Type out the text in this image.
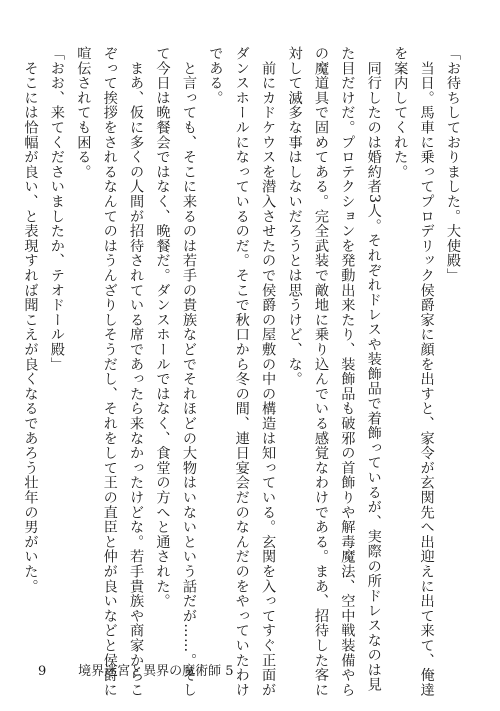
「お待ちしておりました。大使殿」
　当日。馬車に乗ってプロデリック侯爵家に顔を出すと、家令が玄関先へ出迎えに出て来て、俺達
を案内してくれた。
　同行したのは婚約者3人。それぞれドレスや装飾品で着飾っているが、実際の所ドレスなのは見
た目だけだ。プロテクションを発動出来たり、装飾品も破邪の首飾りや解毒魔法、空中戦装備やら
の魔道具で固めてある。完全武装で敵地に乗り込んでいる感覚なわけである。まあ、招待した客に
対して滅多な事はしないだろうとは思うけど、な。
　前にカドケウスを潜入させたので侯爵の屋敷の中の構造は知っている。玄関を入ってすぐ正面が
ダンスホールになっているのだ。そこで秋口から冬の間、連日宴会だのなんだのをやっていたわけ
である。
　と言っても、そこに来るのは若手の貴族などでそれほどの大物はいないという話だが……。そし
て今日は晩餐会ではなく、晩餐だ。ダンスホールではなく、食堂の方へと通された。
　まあ、仮に多くの人間が招待されている席であったら来なかったけどな。若手貴族や商家からこ
ぞって挨拶をされるなんてのはうんざりしそうだし、それをして王の直臣と仲が良いなどと侯爵に
喧伝されても困る。
「おお、来てくださいましたか、テオドール殿」
　そこには恰幅が良い、と表現すれば聞こえが良くなるであろう壮年の男がいた。
9 境界迷宮と異界の魔術師 5
